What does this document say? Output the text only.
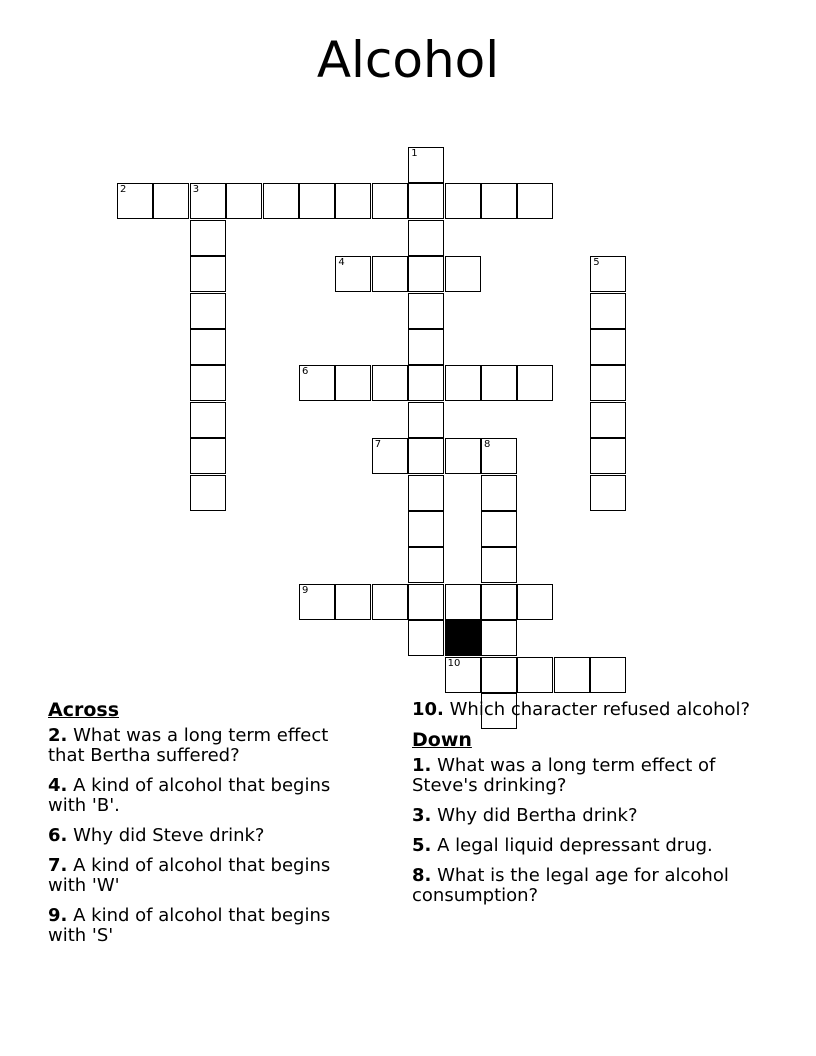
Alcohol
1
2	3
4	5
6
7	8
9
10
Across
2. What was a long term effect that Bertha suffered?
4. A kind of alcohol that begins with 'B'.
6. Why did Steve drink?
7. A kind of alcohol that begins with 'W'
9. A kind of alcohol that begins with 'S'
10. Which character refused alcohol?
Down
1. What was a long term effect of Steve's drinking?
3. Why did Bertha drink?
5. A legal liquid depressant drug.
8. What is the legal age for alcohol consumption?
